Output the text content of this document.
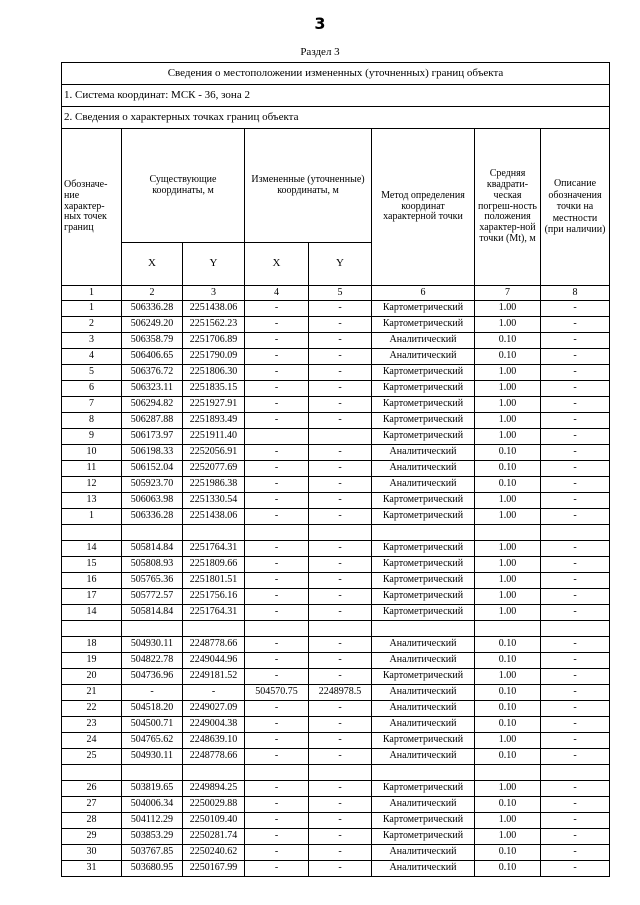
3
Раздел 3
Сведения о местоположении измененных (уточненных) границ объекта							
1. Система координат: МСК - 36, зона 2							
2. Сведения о характерных точках границ объекта							
Обозначе-ние характер-ных точек границ	Существующие координаты, м		Измененные (уточненные) координаты, м		Метод определения координат характерной точки	Средняя квадрати-ческая погреш-ность положения характер-ной точки (Mt), м	Описание обозначения точки на местности (при наличии)
	X	Y	X	Y			
1	2	3	4	5	6	7	8
1	506336.28	2251438.06	-	-	Картометрический	1.00	-
2	506249.20	2251562.23	-	-	Картометрический	1.00	-
3	506358.79	2251706.89	-	-	Аналитический	0.10	-
4	506406.65	2251790.09	-	-	Аналитический	0.10	-
5	506376.72	2251806.30	-	-	Картометрический	1.00	-
6	506323.11	2251835.15	-	-	Картометрический	1.00	-
7	506294.82	2251927.91	-	-	Картометрический	1.00	-
8	506287.88	2251893.49	-	-	Картометрический	1.00	-
9	506173.97	2251911.40			Картометрический	1.00	-
10	506198.33	2252056.91	-	-	Аналитический	0.10	-
11	506152.04	2252077.69	-	-	Аналитический	0.10	-
12	505923.70	2251986.38	-	-	Аналитический	0.10	-
13	506063.98	2251330.54	-	-	Картометрический	1.00	-
1	506336.28	2251438.06	-	-	Картометрический	1.00	-

14	505814.84	2251764.31	-	-	Картометрический	1.00	-
15	505808.93	2251809.66	-	-	Картометрический	1.00	-
16	505765.36	2251801.51	-	-	Картометрический	1.00	-
17	505772.57	2251756.16	-	-	Картометрический	1.00	-
14	505814.84	2251764.31	-	-	Картометрический	1.00	-

18	504930.11	2248778.66	-	-	Аналитический	0.10	-
19	504822.78	2249044.96	-	-	Аналитический	0.10	-
20	504736.96	2249181.52	-	-	Картометрический	1.00	-
21	-	-	504570.75	2248978.5	Аналитический	0.10	-
22	504518.20	2249027.09	-	-	Аналитический	0.10	-
23	504500.71	2249004.38	-	-	Аналитический	0.10	-
24	504765.62	2248639.10	-	-	Картометрический	1.00	-
25	504930.11	2248778.66	-	-	Аналитический	0.10	-

26	503819.65	2249894.25	-	-	Картометрический	1.00	-
27	504006.34	2250029.88	-	-	Аналитический	0.10	-
28	504112.29	2250109.40	-	-	Картометрический	1.00	-
29	503853.29	2250281.74	-	-	Картометрический	1.00	-
30	503767.85	2250240.62	-	-	Аналитический	0.10	-
31	503680.95	2250167.99	-	-	Аналитический	0.10	-
